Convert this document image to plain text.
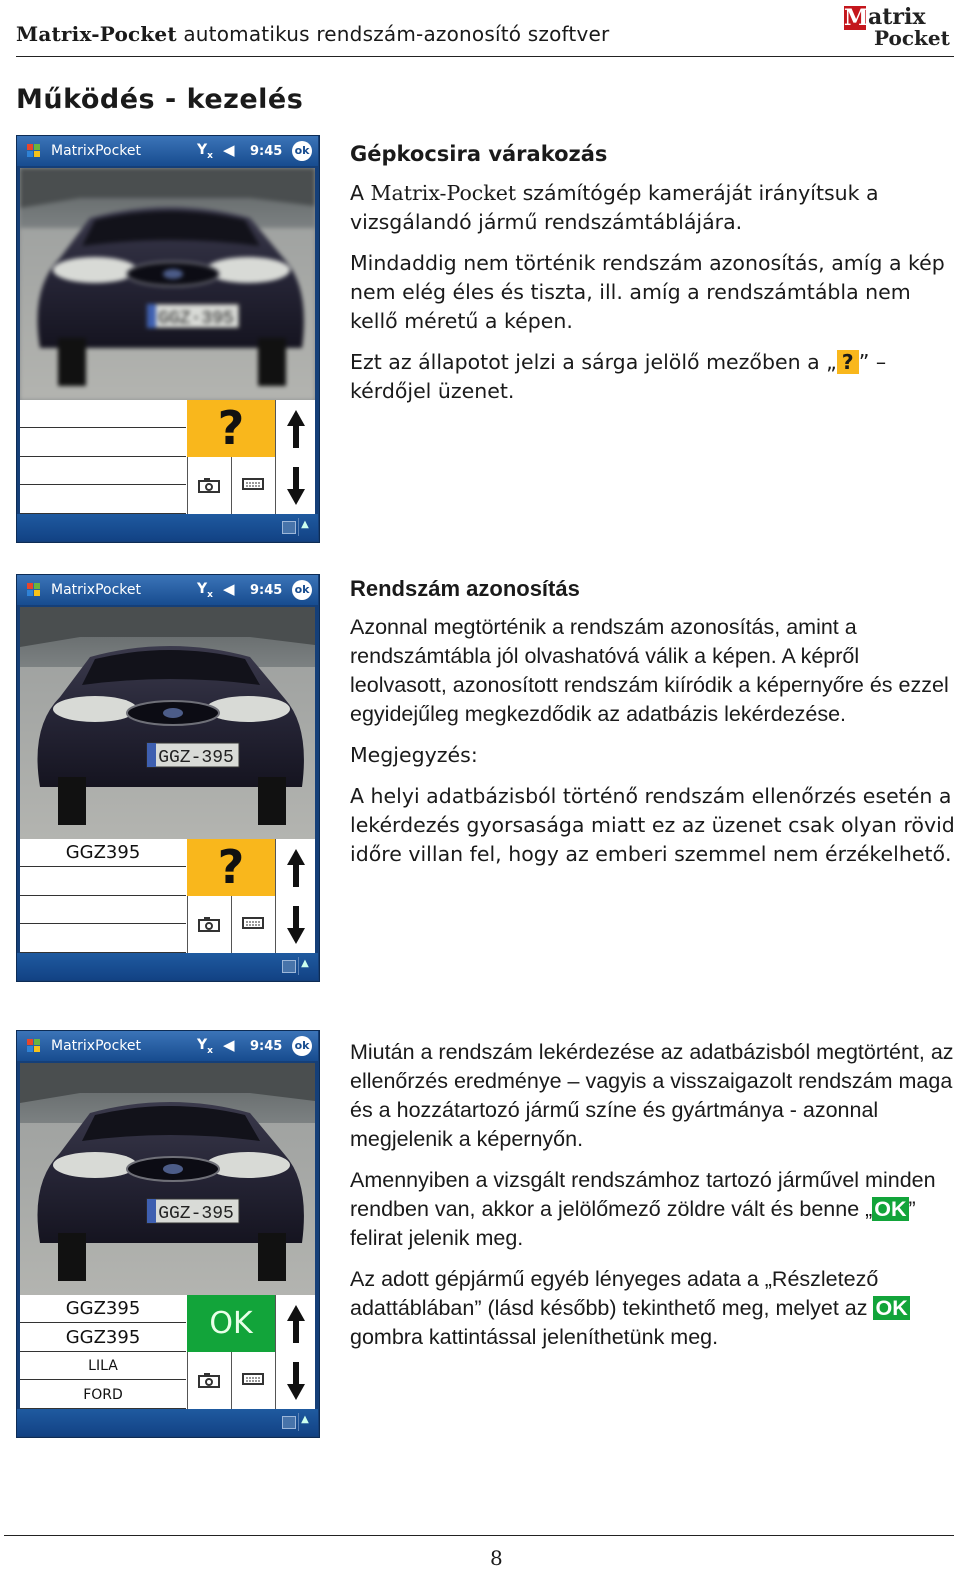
Matrix-Pocket automatikus rendszám-azonosító szoftver
M atrix
Pocket
Működés - kezelés
MatrixPocket	$Y_x$ ◀︎ 9:45 ok
GGZ·395
?
▲
MatrixPocket	$Y_x$ ◀︎ 9:45 ok
GGZ-395
GGZ395	?
▲
MatrixPocket	$Y_x$ ◀︎ 9:45 ok
GGZ-395
GGZ395
GGZ395
LILA
FORD
OK
▲
Gépkocsira várakozás

A Matrix-Pocket számítógép kameráját irányítsuk a vizsgálandó jármű rendszámtáblájára.

Mindaddig nem történik rendszám azonosítás, amíg a kép nem elég éles és tiszta, ill. amíg a rendszámtábla nem kellő méretű a képen.

Ezt az állapotot jelzi a sárga jelölő mezőben a „ ? ” – kérdőjel üzenet.

Rendszám azonosítás

Azonnal megtörténik a rendszám azonosítás, amint a rendszámtábla jól olvashatóvá válik a képen. A képről leolvasott, azonosított rendszám kiíródik a képernyőre és ezzel egyidejűleg megkezdődik az adatbázis lekérdezése.

Megjegyzés:

A helyi adatbázisból történő rendszám ellenőrzés esetén a lekérdezés gyorsasága miatt ez az üzenet csak olyan rövid időre villan fel, hogy az emberi szemmel nem érzékelhető.

Miután a rendszám lekérdezése az adatbázisból megtörtént, az ellenőrzés eredménye – vagyis a visszaigazolt rendszám maga és a hozzátartozó jármű színe és gyártmánya - azonnal megjelenik a képernyőn.

Amennyiben a vizsgált rendszámhoz tartozó járművel minden rendben van, akkor a jelölőmező zöldre vált és benne „OK” felirat jelenik meg.

Az adott gépjármű egyéb lényeges adata a „Részletező adattáblában” (lásd később) tekinthető meg, melyet az OK gombra kattintással jeleníthetünk meg.

8
